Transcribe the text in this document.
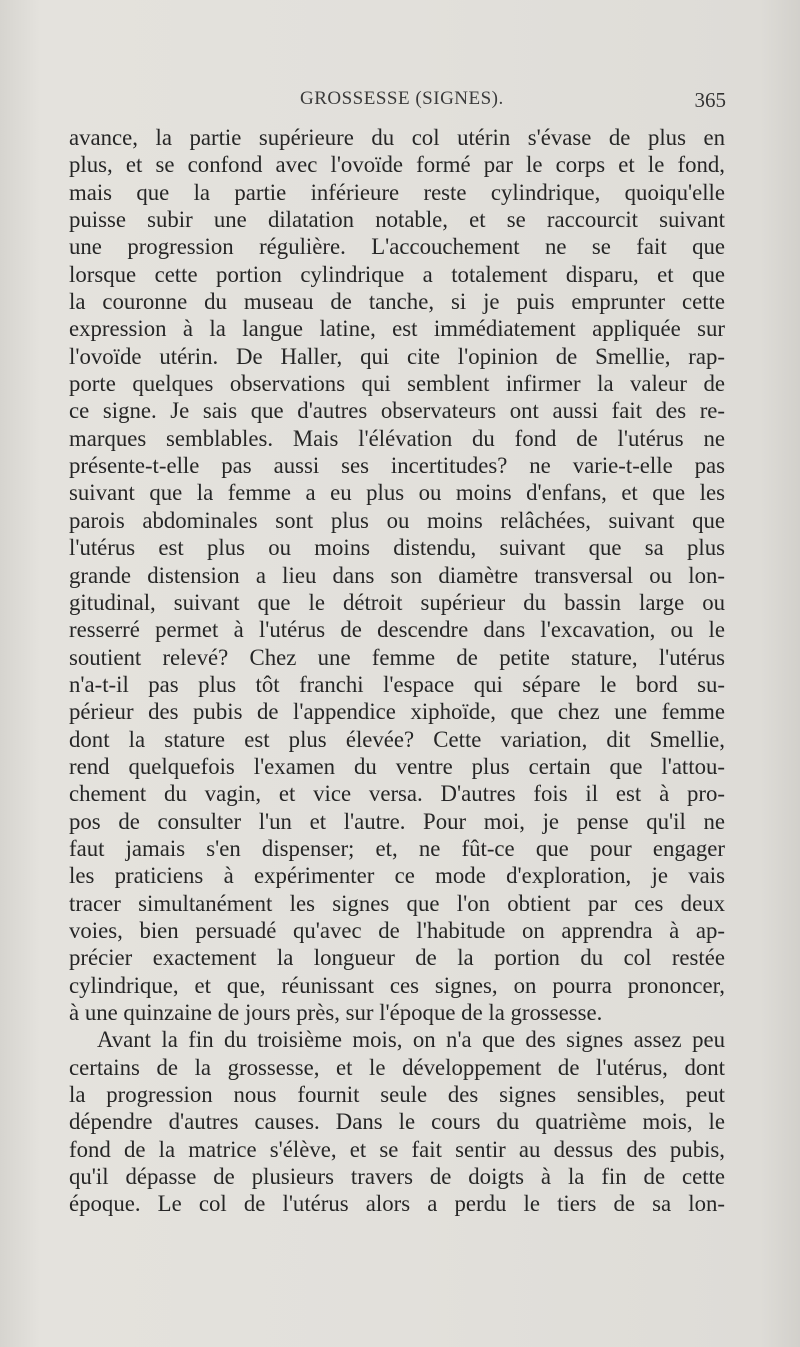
GROSSESSE (SIGNES).	365
avance, la partie supérieure du col utérin s'évase de plus en
plus, et se confond avec l'ovoïde formé par le corps et le fond,
mais que la partie inférieure reste cylindrique, quoiqu'elle
puisse subir une dilatation notable, et se raccourcit suivant
une progression régulière. L'accouchement ne se fait que
lorsque cette portion cylindrique a totalement disparu, et que
la couronne du museau de tanche, si je puis emprunter cette
expression à la langue latine, est immédiatement appliquée sur
l'ovoïde utérin. De Haller, qui cite l'opinion de Smellie, rap-
porte quelques observations qui semblent infirmer la valeur de
ce signe. Je sais que d'autres observateurs ont aussi fait des re-
marques semblables. Mais l'élévation du fond de l'utérus ne
présente-t-elle pas aussi ses incertitudes? ne varie-t-elle pas
suivant que la femme a eu plus ou moins d'enfans, et que les
parois abdominales sont plus ou moins relâchées, suivant que
l'utérus est plus ou moins distendu, suivant que sa plus
grande distension a lieu dans son diamètre transversal ou lon-
gitudinal, suivant que le détroit supérieur du bassin large ou
resserré permet à l'utérus de descendre dans l'excavation, ou le
soutient relevé? Chez une femme de petite stature, l'utérus
n'a-t-il pas plus tôt franchi l'espace qui sépare le bord su-
périeur des pubis de l'appendice xiphoïde, que chez une femme
dont la stature est plus élevée? Cette variation, dit Smellie,
rend quelquefois l'examen du ventre plus certain que l'attou-
chement du vagin, et vice versa. D'autres fois il est à pro-
pos de consulter l'un et l'autre. Pour moi, je pense qu'il ne
faut jamais s'en dispenser; et, ne fût-ce que pour engager
les praticiens à expérimenter ce mode d'exploration, je vais
tracer simultanément les signes que l'on obtient par ces deux
voies, bien persuadé qu'avec de l'habitude on apprendra à ap-
précier exactement la longueur de la portion du col restée
cylindrique, et que, réunissant ces signes, on pourra prononcer,
à une quinzaine de jours près, sur l'époque de la grossesse.
Avant la fin du troisième mois, on n'a que des signes assez peu
certains de la grossesse, et le développement de l'utérus, dont
la progression nous fournit seule des signes sensibles, peut
dépendre d'autres causes. Dans le cours du quatrième mois, le
fond de la matrice s'élève, et se fait sentir au dessus des pubis,
qu'il dépasse de plusieurs travers de doigts à la fin de cette
époque. Le col de l'utérus alors a perdu le tiers de sa lon-
